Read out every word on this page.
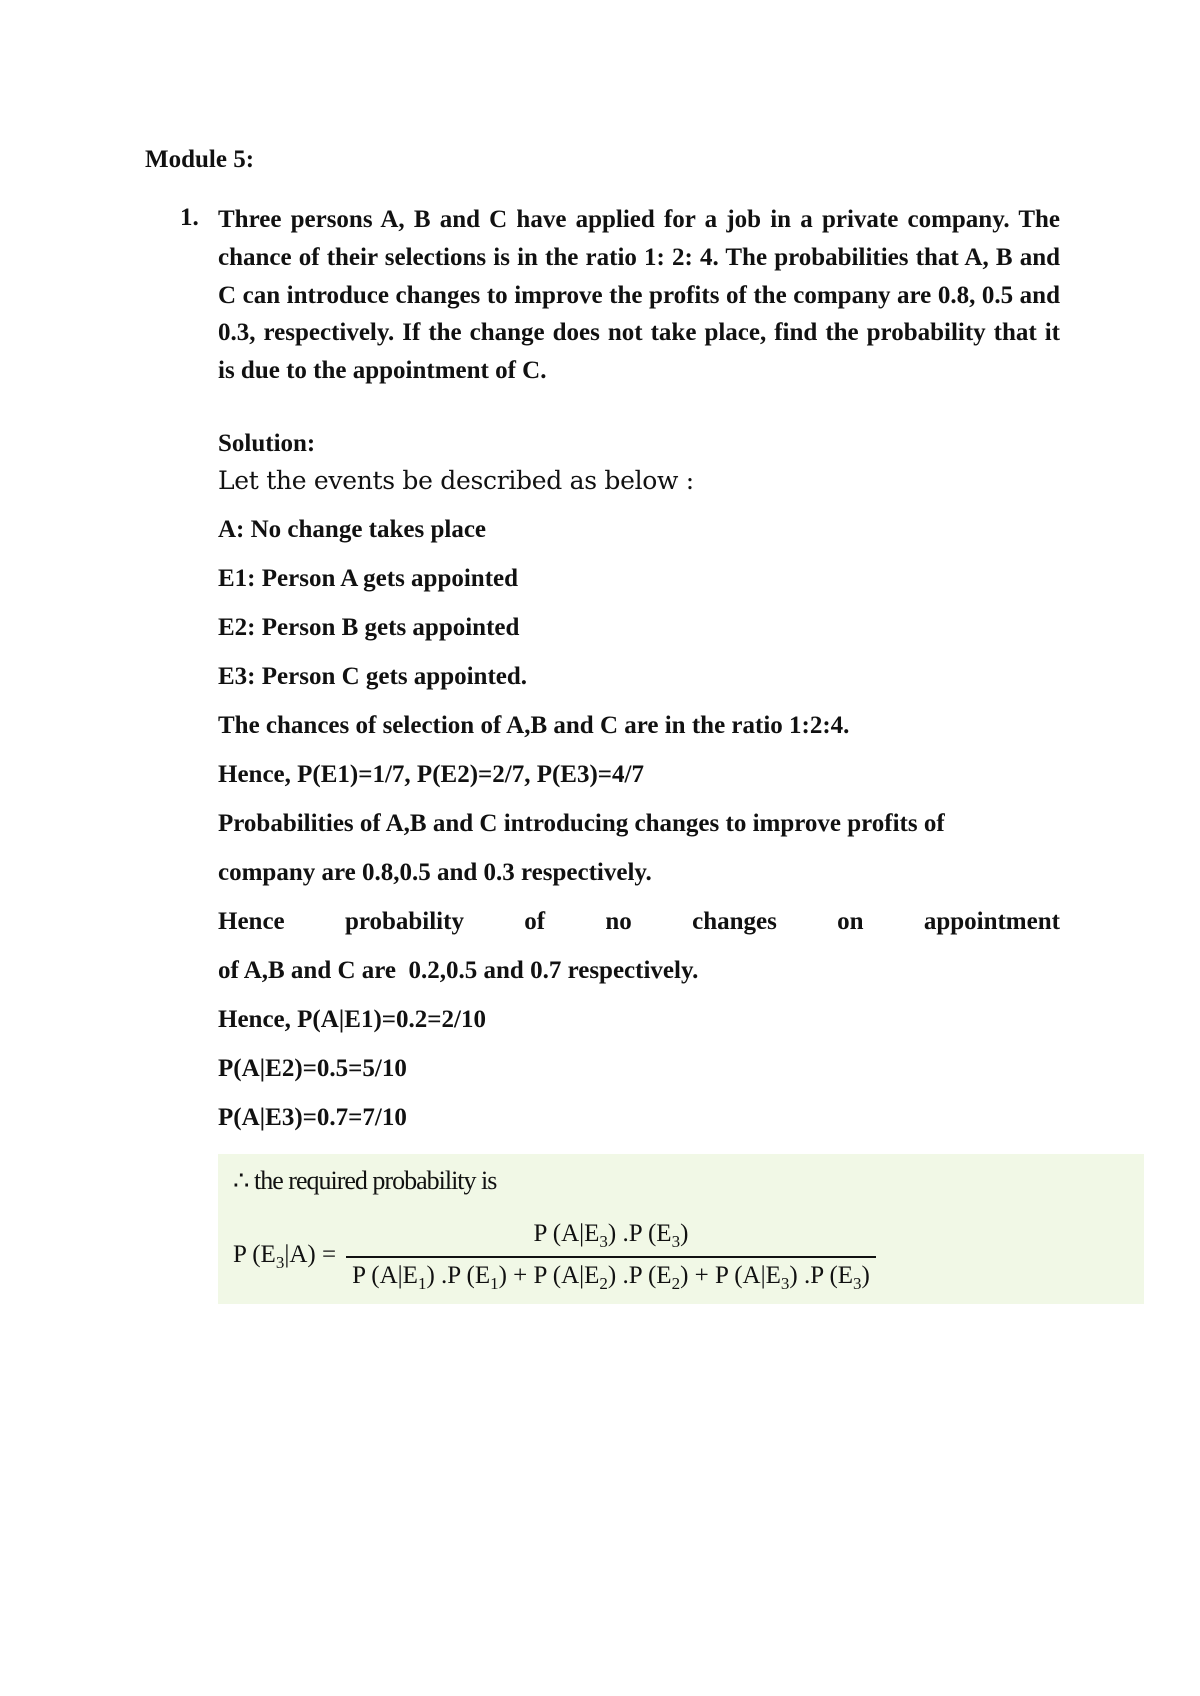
Module 5:
1. Three persons A, B and C have applied for a job in a private company. The chance of their selections is in the ratio 1: 2: 4. The probabilities that A, B and C can introduce changes to improve the profits of the company are 0.8, 0.5 and 0.3, respectively. If the change does not take place, find the probability that it is due to the appointment of C.
Solution:
Let the events be described as below :
A: No change takes place
E1: Person A gets appointed
E2: Person B gets appointed
E3: Person C gets appointed.
The chances of selection of A,B and C are in the ratio 1:2:4.
Hence, P(E1)=1/7, P(E2)=2/7, P(E3)=4/7
Probabilities of A,B and C introducing changes to improve profits of
company are 0.8,0.5 and 0.3 respectively.
Hence probability of no changes on appointment
of A,B and C are  0.2,0.5 and 0.7 respectively.
Hence, P(A|E1)=0.2=2/10
P(A|E2)=0.5=5/10
P(A|E3)=0.7=7/10
∴ the required probability is
P $(E_3|A) = \frac{P (A|E_3) .P (E_3)}{P (A|E_1) .P (E_1) + P (A|E_2) .P (E_2) + P (A|E_3) .P (E_3)}$
